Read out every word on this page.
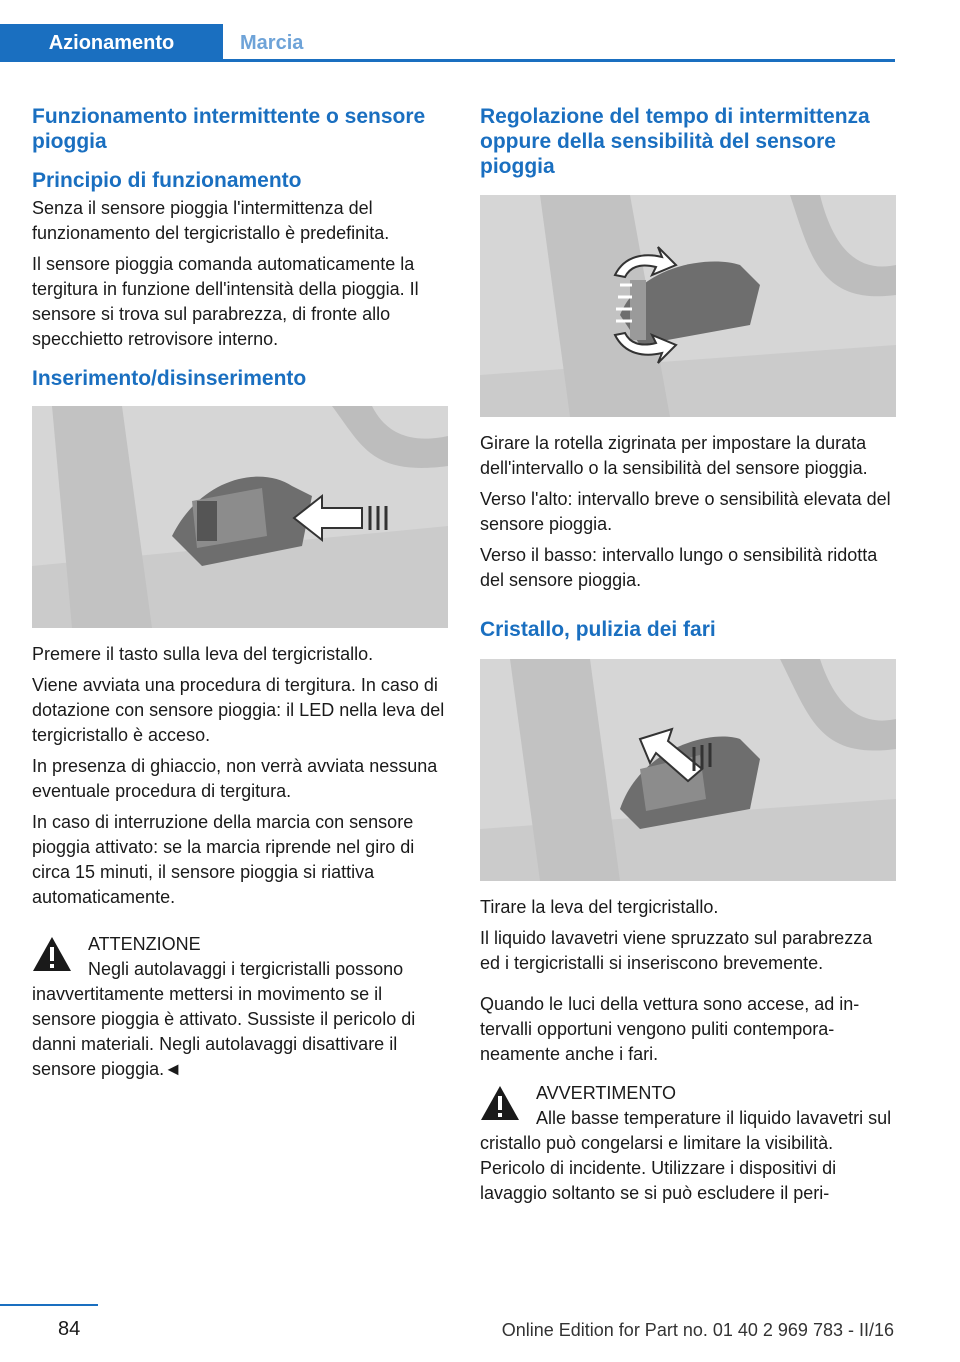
Azionamento	Marcia
Funzionamento intermittente o sensore pioggia
Principio di funzionamento

Senza il sensore pioggia l'intermittenza del funzionamento del tergicristallo è predefinita.

Il sensore pioggia comanda automaticamente la tergitura in funzione dell'intensità della pioggia. Il sensore si trova sul parabrezza, di fronte allo specchietto retrovisore interno.

Inserimento/disinserimento

Premere il tasto sulla leva del tergicristallo.

Viene avviata una procedura di tergitura. In caso di dotazione con sensore pioggia: il LED nella leva del tergicristallo è acceso.

In presenza di ghiaccio, non verrà avviata nessuna eventuale procedura di tergitura.

In caso di interruzione della marcia con sensore pioggia attivato: se la marcia riprende nel giro di circa 15 minuti, il sensore pioggia si riattiva automaticamente.

ATTENZIONE
Negli autolavaggi i tergicristalli possono inavvertitamente mettersi in movimento se il sensore pioggia è attivato. Sussiste il pericolo di danni materiali. Negli autolavaggi disattivare il sensore pioggia.◄
Regolazione del tempo di intermittenza oppure della sensibilità del sensore pioggia

Girare la rotella zigrinata per impostare la durata dell'intervallo o la sensibilità del sensore pioggia.

Verso l'alto: intervallo breve o sensibilità elevata del sensore pioggia.

Verso il basso: intervallo lungo o sensibilità ridotta del sensore pioggia.

Cristallo, pulizia dei fari

Tirare la leva del tergicristallo.

Il liquido lavavetri viene spruzzato sul parabrezza ed i tergicristalli si inseriscono brevemente.

Quando le luci della vettura sono accese, ad intervalli opportuni vengono puliti contemporaneamente anche i fari.

AVVERTIMENTO
Alle basse temperature il liquido lavavetri sul cristallo può congelarsi e limitare la visibilità. Pericolo di incidente. Utilizzare i dispositivi di lavaggio soltanto se si può escludere il peri-
84	Online Edition for Part no. 01 40 2 969 783 - II/16
